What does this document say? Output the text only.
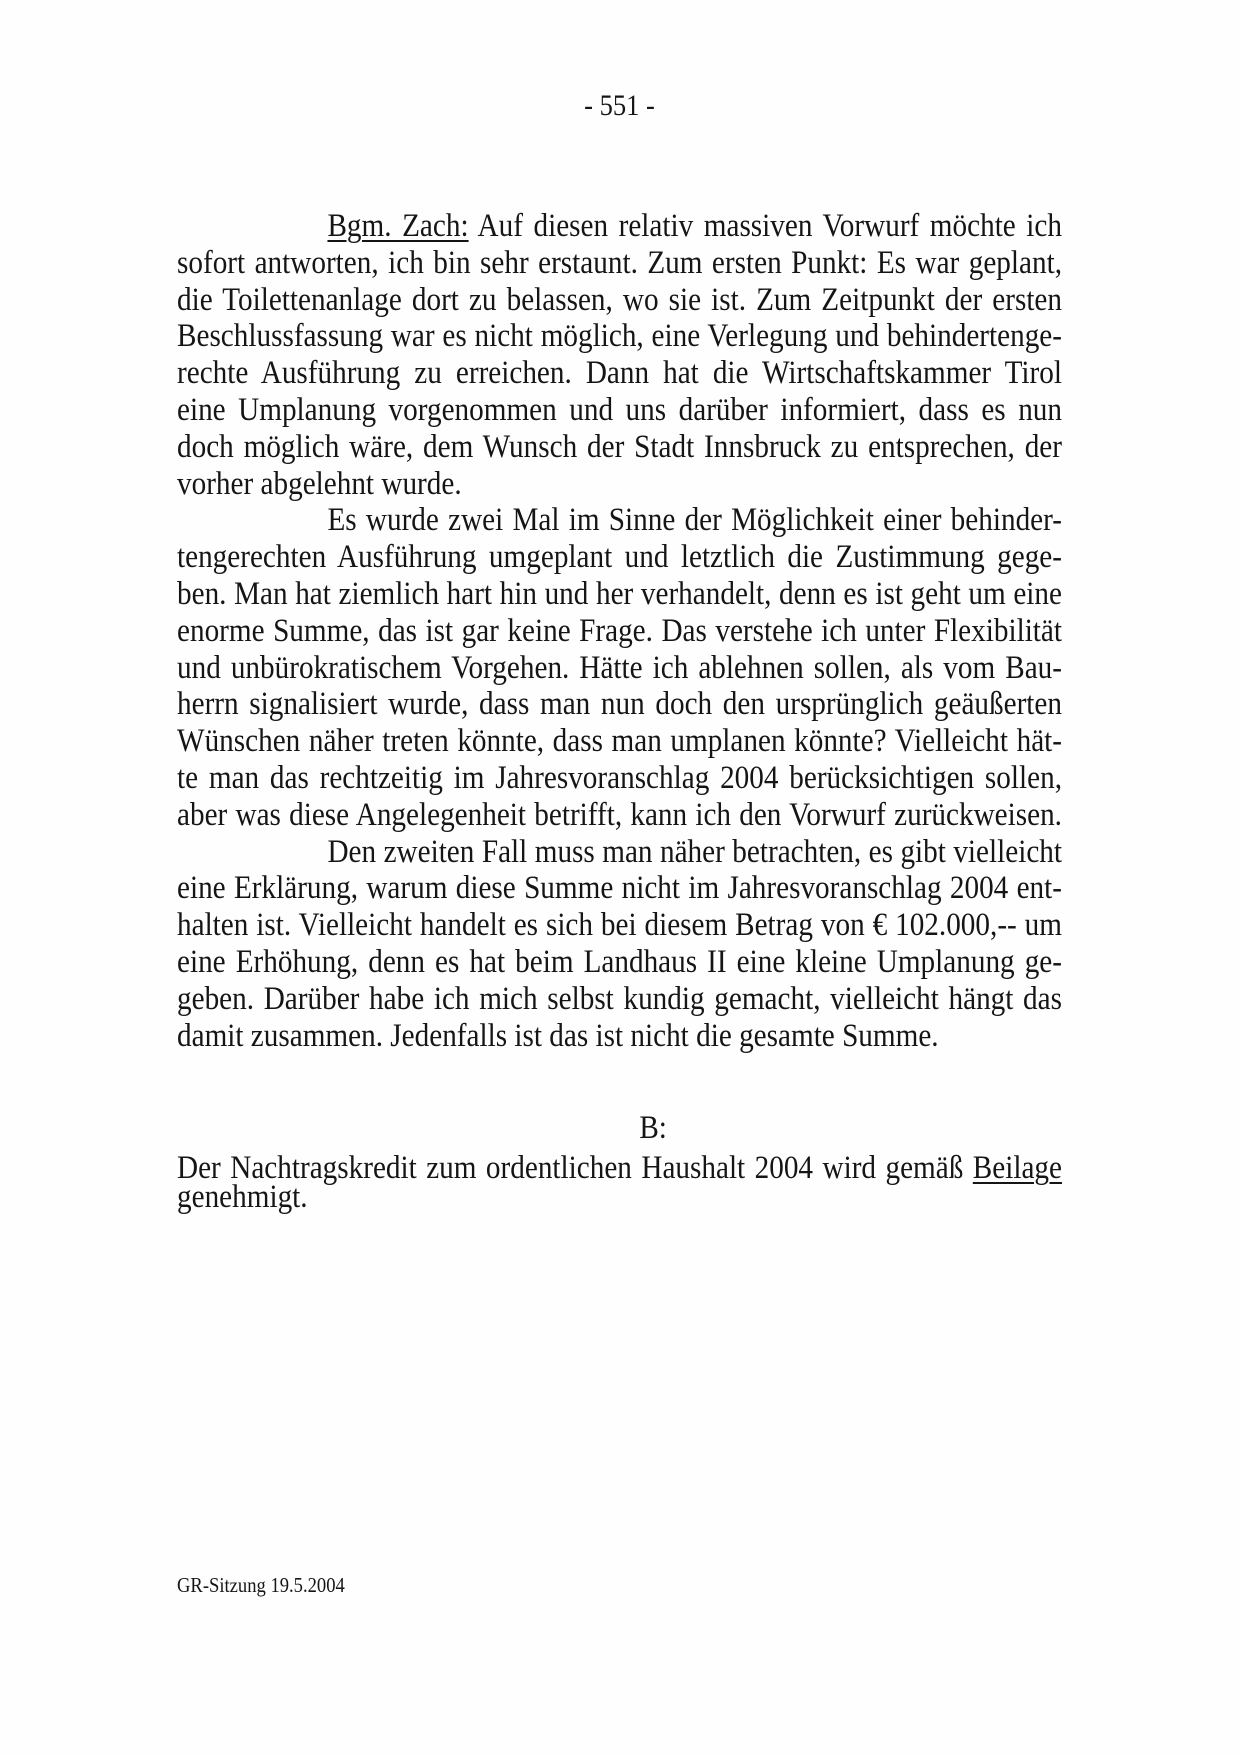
- 551 -
Bgm. Zach: Auf diesen relativ massiven Vorwurf möchte ich
sofort antworten, ich bin sehr erstaunt. Zum ersten Punkt: Es war geplant,
die Toilettenanlage dort zu belassen, wo sie ist. Zum Zeitpunkt der ersten
Beschlussfassung war es nicht möglich, eine Verlegung und behindertenge-
rechte Ausführung zu erreichen. Dann hat die Wirtschaftskammer Tirol
eine Umplanung vorgenommen und uns darüber informiert, dass es nun
doch möglich wäre, dem Wunsch der Stadt Innsbruck zu entsprechen, der
vorher abgelehnt wurde.
Es wurde zwei Mal im Sinne der Möglichkeit einer behinder-
tengerechten Ausführung umgeplant und letztlich die Zustimmung gege-
ben. Man hat ziemlich hart hin und her verhandelt, denn es ist geht um eine
enorme Summe, das ist gar keine Frage. Das verstehe ich unter Flexibilität
und unbürokratischem Vorgehen. Hätte ich ablehnen sollen, als vom Bau-
herrn signalisiert wurde, dass man nun doch den ursprünglich geäußerten
Wünschen näher treten könnte, dass man umplanen könnte? Vielleicht hät-
te man das rechtzeitig im Jahresvoranschlag 2004 berücksichtigen sollen,
aber was diese Angelegenheit betrifft, kann ich den Vorwurf zurückweisen.
Den zweiten Fall muss man näher betrachten, es gibt vielleicht
eine Erklärung, warum diese Summe nicht im Jahresvoranschlag 2004 ent-
halten ist. Vielleicht handelt es sich bei diesem Betrag von € 102.000,-- um
eine Erhöhung, denn es hat beim Landhaus II eine kleine Umplanung ge-
geben. Darüber habe ich mich selbst kundig gemacht, vielleicht hängt das
damit zusammen. Jedenfalls ist das ist nicht die gesamte Summe.
B:
Der Nachtragskredit zum ordentlichen Haushalt 2004 wird gemäß Beilage
genehmigt.
GR-Sitzung 19.5.2004
